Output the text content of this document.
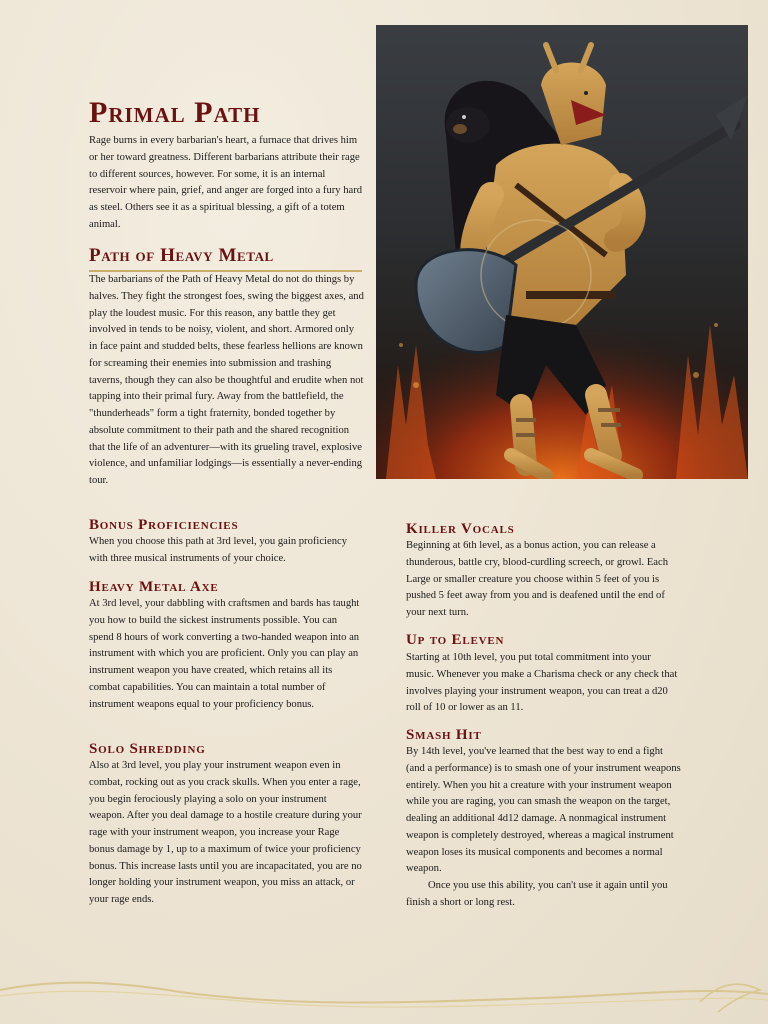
Primal Path

Rage burns in every barbarian's heart, a furnace that drives him or her toward greatness. Different barbarians attribute their rage to different sources, however. For some, it is an internal reservoir where pain, grief, and anger are forged into a fury hard as steel. Others see it as a spiritual blessing, a gift of a totem animal.

Path of Heavy Metal

The barbarians of the Path of Heavy Metal do not do things by halves. They fight the strongest foes, swing the biggest axes, and play the loudest music. For this reason, any battle they get involved in tends to be noisy, violent, and short. Armored only in face paint and studded belts, these fearless hellions are known for screaming their enemies into submission and trashing taverns, though they can also be thoughtful and erudite when not tapping into their primal fury. Away from the battlefield, the "thunderheads" form a tight fraternity, bonded together by absolute commitment to their path and the shared recognition that the life of an adventurer—with its grueling travel, explosive violence, and unfamiliar lodgings—is essentially a never-ending tour.

Bonus Proficiencies

When you choose this path at 3rd level, you gain proficiency with three musical instruments of your choice.

Heavy Metal Axe

At 3rd level, your dabbling with craftsmen and bards has taught you how to build the sickest instruments possible. You can spend 8 hours of work converting a two-handed weapon into an instrument with which you are proficient. Only you can play an instrument weapon you have created, which retains all its combat capabilities. You can maintain a total number of instrument weapons equal to your proficiency bonus.

Solo Shredding

Also at 3rd level, you play your instrument weapon even in combat, rocking out as you crack skulls. When you enter a rage, you begin ferociously playing a solo on your instrument weapon. After you deal damage to a hostile creature during your rage with your instrument weapon, you increase your Rage bonus damage by 1, up to a maximum of twice your proficiency bonus. This increase lasts until you are incapacitated, you are no longer holding your instrument weapon, you miss an attack, or your rage ends.

Killer Vocals

Beginning at 6th level, as a bonus action, you can release a thunderous, battle cry, blood-curdling screech, or growl. Each Large or smaller creature you choose within 5 feet of you is pushed 5 feet away from you and is deafened until the end of your next turn.

Up to Eleven

Starting at 10th level, you put total commitment into your music. Whenever you make a Charisma check or any check that involves playing your instrument weapon, you can treat a d20 roll of 10 or lower as an 11.

Smash Hit

By 14th level, you've learned that the best way to end a fight (and a performance) is to smash one of your instrument weapons entirely. When you hit a creature with your instrument weapon while you are raging, you can smash the weapon on the target, dealing an additional 4d12 damage. A nonmagical instrument weapon is completely destroyed, whereas a magical instrument weapon loses its musical components and becomes a normal weapon.

Once you use this ability, you can't use it again until you finish a short or long rest.
